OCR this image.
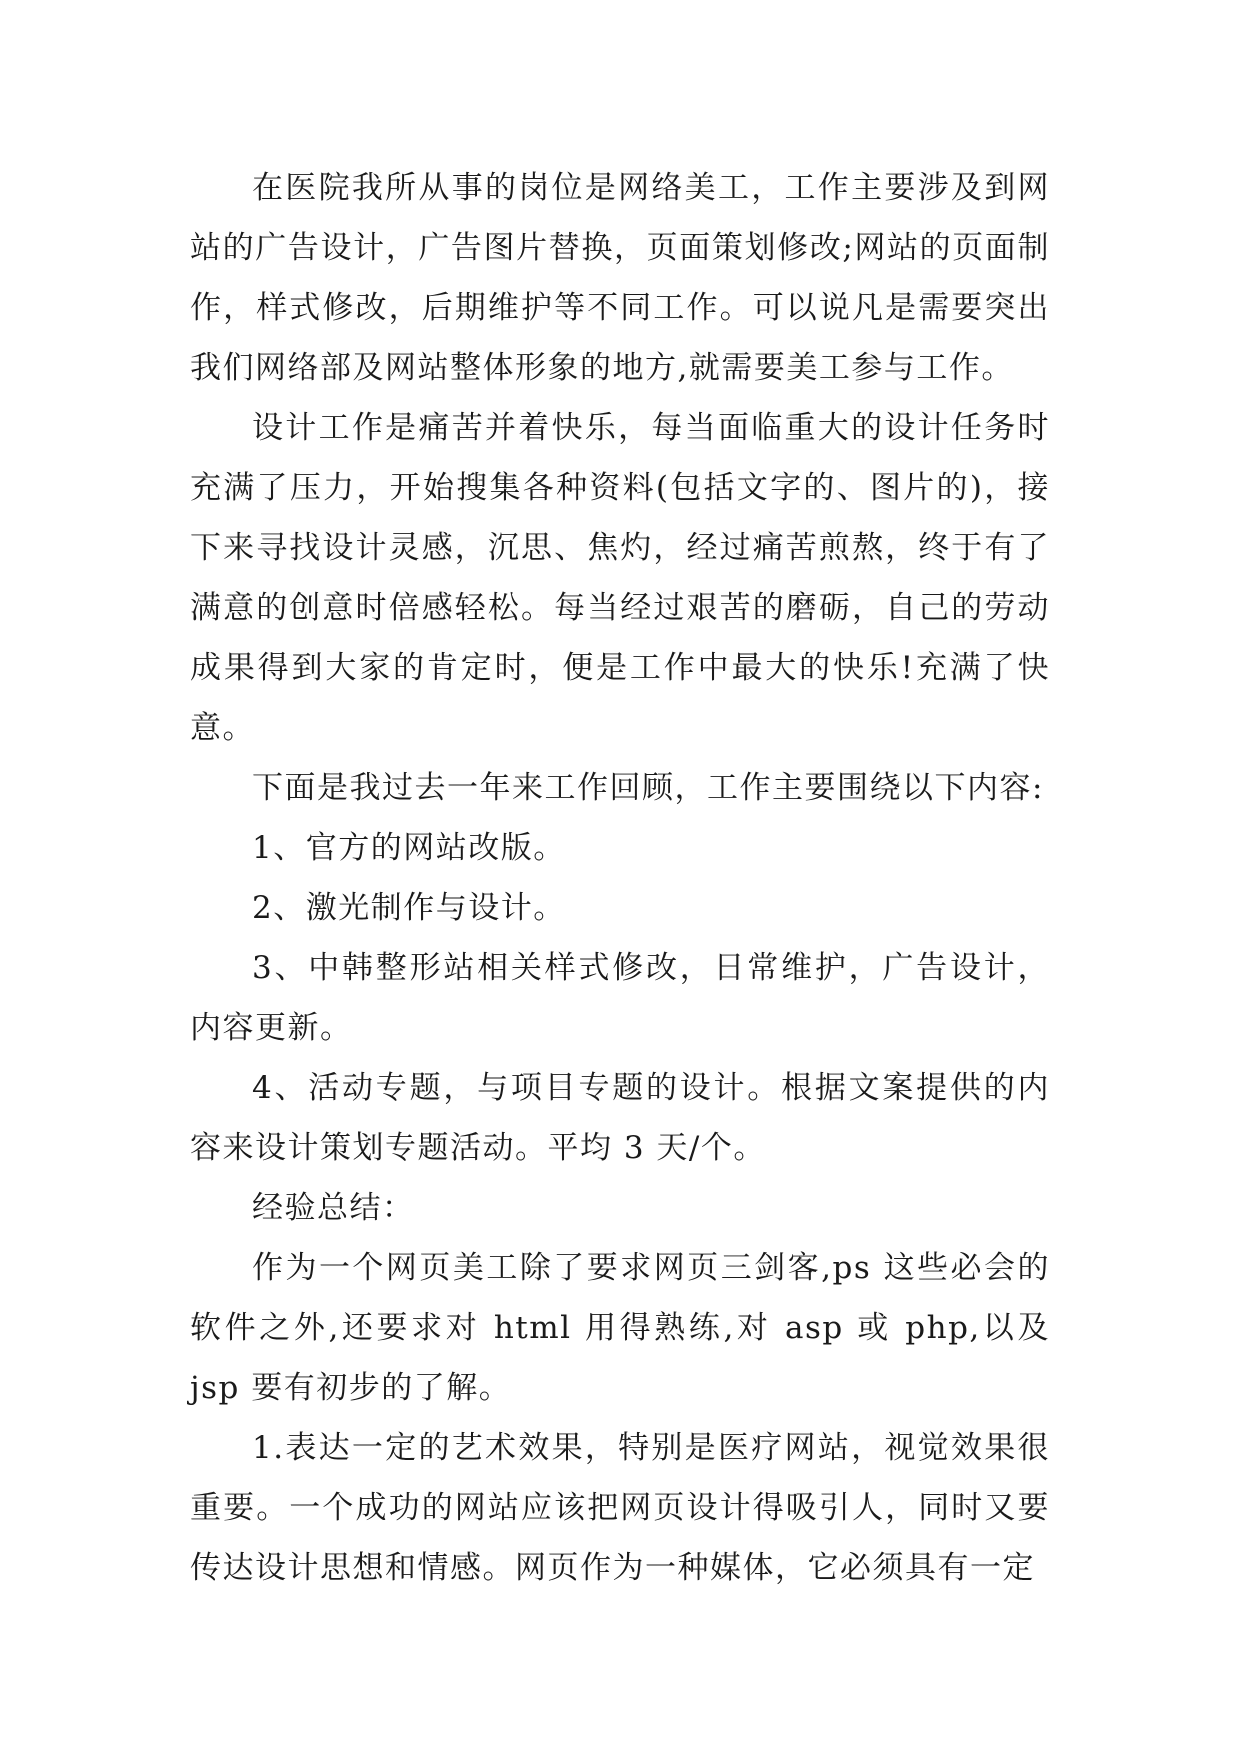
在医院我所从事的岗位是网络美工，工作主要涉及到网站的广告设计，广告图片替换，页面策划修改;网站的页面制作，样式修改，后期维护等不同工作。可以说凡是需要突出我们网络部及网站整体形象的地方,就需要美工参与工作。

设计工作是痛苦并着快乐，每当面临重大的设计任务时充满了压力，开始搜集各种资料(包括文字的、图片的)，接下来寻找设计灵感，沉思、焦灼，经过痛苦煎熬，终于有了满意的创意时倍感轻松。每当经过艰苦的磨砺，自己的劳动成果得到大家的肯定时，便是工作中最大的快乐!充满了快意。

下面是我过去一年来工作回顾，工作主要围绕以下内容:

1、官方的网站改版。

2、激光制作与设计。

3、中韩整形站相关样式修改，日常维护，广告设计，内容更新。

4、活动专题，与项目专题的设计。根据文案提供的内容来设计策划专题活动。平均 3 天/个。

经验总结：

作为一个网页美工除了要求网页三剑客,ps 这些必会的软件之外,还要求对 html 用得熟练,对 asp 或 php,以及 jsp 要有初步的了解。

1.表达一定的艺术效果，特别是医疗网站，视觉效果很重要。一个成功的网站应该把网页设计得吸引人，同时又要传达设计思想和情感。网页作为一种媒体，它必须具有一定
